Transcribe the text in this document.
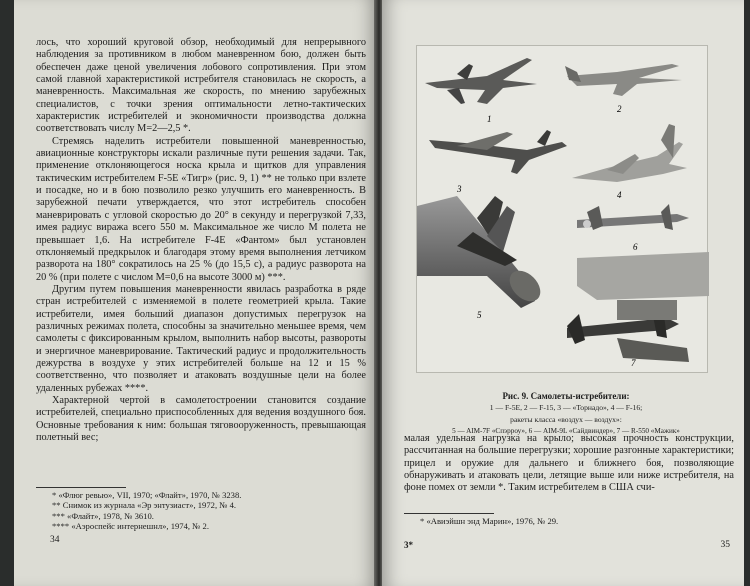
лось, что хороший круговой обзор, необходимый для непрерывного наблюдения за противником в любом маневренном бою, должен быть обеспечен даже ценой увеличения лобового сопротивления. При этом самой главной характеристикой истребителя становилась не скорость, а маневренность. Максимальная же скорость, по мнению зарубежных специалистов, с точки зрения оптимальности летно-тактических характеристик истребителей и экономичности производства должна соответствовать числу М=2—2,5 *.

Стремясь наделить истребители повышенной маневренностью, авиационные конструкторы искали различные пути решения задачи. Так, применение отклоняющегося носка крыла и щитков для управления тактическим истребителем F-5E «Тигр» (рис. 9, 1) ** не только при взлете и посадке, но и в бою позволило резко улучшить его маневренность. В зарубежной печати утверждается, что этот истребитель способен маневрировать с угловой скоростью до 20° в секунду и перегрузкой 7,33, имея радиус виража всего 550 м. Максимальное же число М полета не превышает 1,6. На истребителе F-4E «Фантом» был установлен отклоняемый предкрылок и благодаря этому время выполнения летчиком разворота на 180° сократилось на 25 % (до 15,5 с), а радиус разворота на 20 % (при полете с числом М=0,6 на высоте 3000 м) ***.

Другим путем повышения маневренности явилась разработка в ряде стран истребителей с изменяемой в полете геометрией крыла. Такие истребители, имея больший диапазон допустимых перегрузок на различных режимах полета, способны за значительно меньшее время, чем самолеты с фиксированным крылом, выполнить набор высоты, развороты и энергичное маневрирование. Тактический радиус и продолжительность дежурства в воздухе у этих истребителей больше на 12 и 15 % соответственно, что позволяет и атаковать воздушные цели на более удаленных рубежах ****.

Характерной чертой в самолетостроении становится создание истребителей, специально приспособленных для ведения воздушного боя. Основные требования к ним: большая тяговооруженность, превышающая полетный вес;

* «Флюг ревью», VII, 1970; «Флайт», 1970, № 3238.
** Снимок из журнала «Эр энтузиаст», 1972, № 4.
*** «Флайт», 1978, № 3610.
**** «Аэроспейс интернешнл», 1974, № 2.
34
1
2
3
4
5
6
7
Рис. 9. Самолеты-истребители:
1 — F-5E, 2 — F-15, 3 — «Торнадо», 4 — F-16;
ракеты класса «воздух — воздух»:
5 — AIM-7F «Спэрроу», 6 — AIM-9L «Сайдвиндер», 7 — R-550 «Мажик»

малая удельная нагрузка на крыло; высокая прочность конструкции, рассчитанная на большие перегрузки; хорошие разгонные характеристики; прицел и оружие для дальнего и ближнего боя, позволяющие обнаруживать и атаковать цели, летящие выше или ниже истребителя, на фоне помех от земли *. Таким истребителем в США счи-

* «Авиэйшн энд Марин», 1976, № 29.
3*	35
